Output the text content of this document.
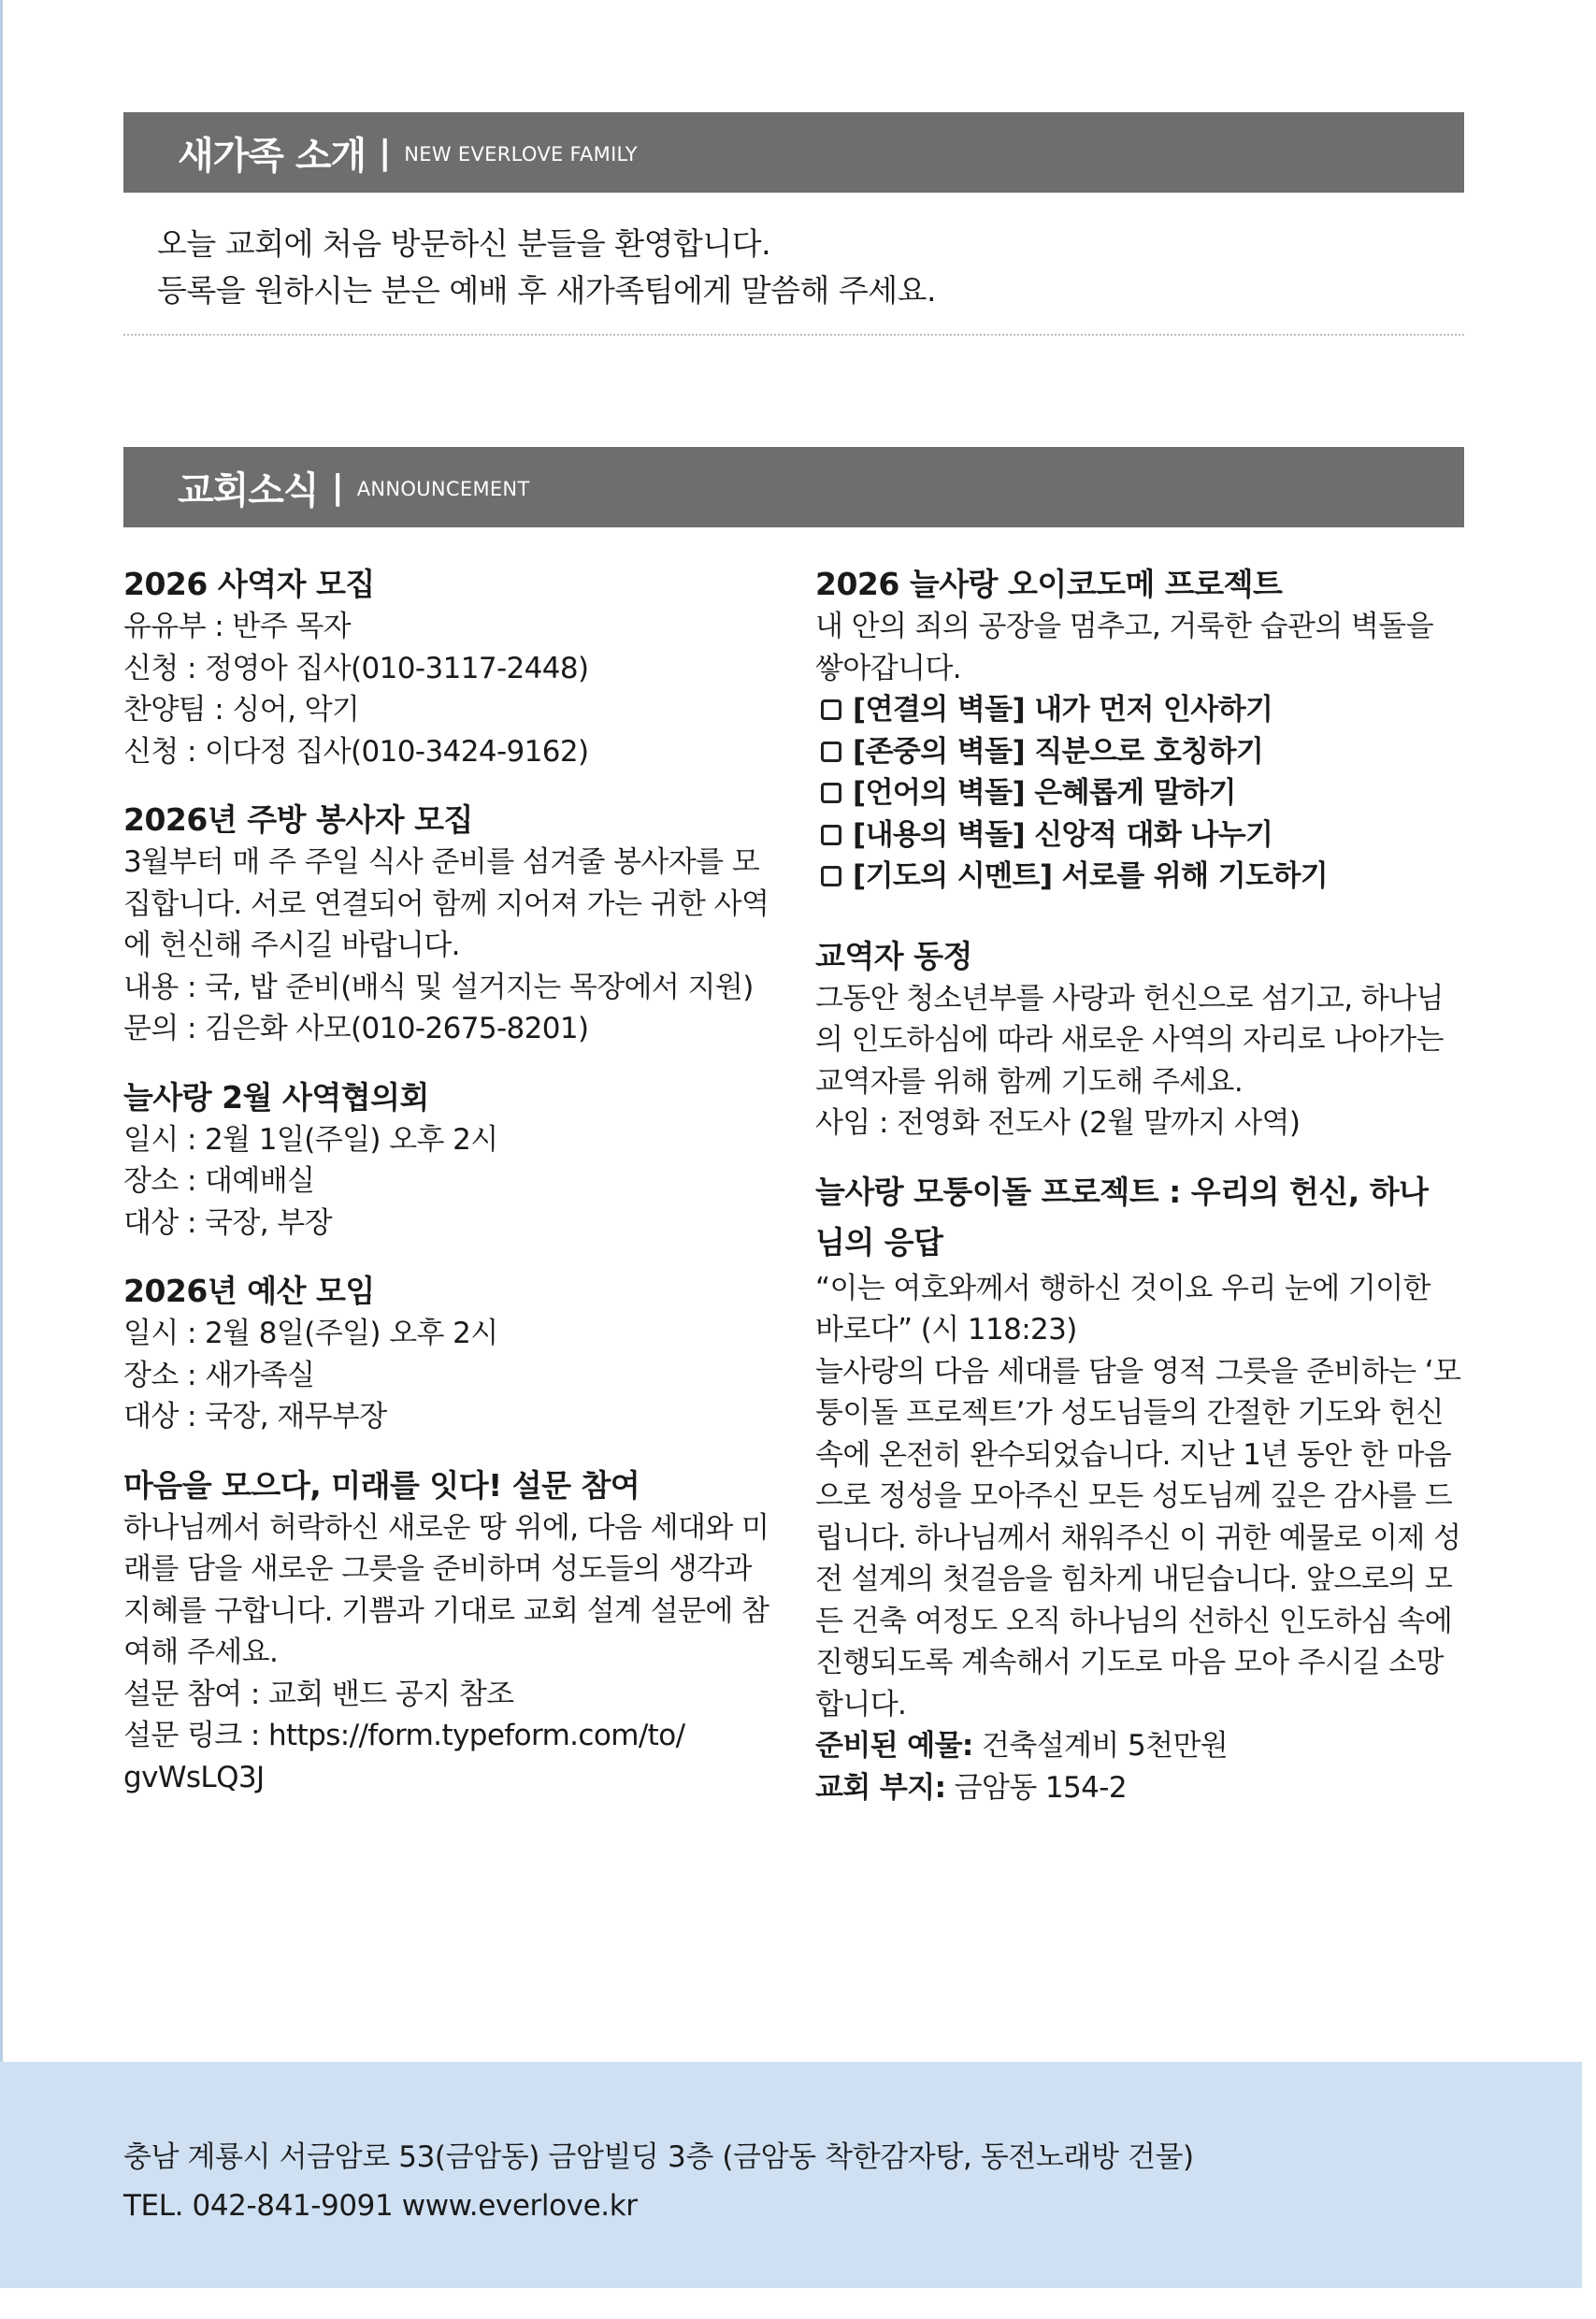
새가족 소개 | NEW EVERLOVE FAMILY
오늘 교회에 처음 방문하신 분들을 환영합니다.
등록을 원하시는 분은 예배 후 새가족팀에게 말씀해 주세요.
교회소식 | ANNOUNCEMENT
2026 사역자 모집

유유부 : 반주 목자

신청 : 정영아 집사(010-3117-2448)

찬양팀 : 싱어, 악기

신청 : 이다정 집사(010-3424-9162)

2026년 주방 봉사자 모집

3월부터 매 주 주일 식사 준비를 섬겨줄 봉사자를 모

집합니다. 서로 연결되어 함께 지어져 가는 귀한 사역

에 헌신해 주시길 바랍니다.

내용 : 국, 밥 준비(배식 및 설거지는 목장에서 지원)

문의 : 김은화 사모(010-2675-8201)

늘사랑 2월 사역협의회

일시 : 2월 1일(주일) 오후 2시

장소 : 대예배실

대상 : 국장, 부장

2026년 예산 모임

일시 : 2월 8일(주일) 오후 2시

장소 : 새가족실

대상 : 국장, 재무부장

마음을 모으다, 미래를 잇다! 설문 참여

하나님께서 허락하신 새로운 땅 위에, 다음 세대와 미

래를 담을 새로운 그릇을 준비하며 성도들의 생각과

지혜를 구합니다. 기쁨과 기대로 교회 설계 설문에 참

여해 주세요.

설문 참여 : 교회 밴드 공지 참조

설문 링크 : https://form.typeform.com/to/

gvWsLQ3J

2026 늘사랑 오이코도메 프로젝트

내 안의 죄의 공장을 멈추고, 거룩한 습관의 벽돌을

쌓아갑니다.

[연결의 벽돌] 내가 먼저 인사하기
[존중의 벽돌] 직분으로 호칭하기
[언어의 벽돌] 은혜롭게 말하기
[내용의 벽돌] 신앙적 대화 나누기
[기도의 시멘트] 서로를 위해 기도하기
교역자 동정

그동안 청소년부를 사랑과 헌신으로 섬기고, 하나님

의 인도하심에 따라 새로운 사역의 자리로 나아가는

교역자를 위해 함께 기도해 주세요.

사임 : 전영화 전도사 (2월 말까지 사역)

늘사랑 모퉁이돌 프로젝트 : 우리의 헌신, 하나
님의 응답

“이는 여호와께서 행하신 것이요 우리 눈에 기이한

바로다” (시 118:23)

늘사랑의 다음 세대를 담을 영적 그릇을 준비하는 ‘모

퉁이돌 프로젝트’가 성도님들의 간절한 기도와 헌신

속에 온전히 완수되었습니다. 지난 1년 동안 한 마음

으로 정성을 모아주신 모든 성도님께 깊은 감사를 드

립니다. 하나님께서 채워주신 이 귀한 예물로 이제 성

전 설계의 첫걸음을 힘차게 내딛습니다. 앞으로의 모

든 건축 여정도 오직 하나님의 선하신 인도하심 속에

진행되도록 계속해서 기도로 마음 모아 주시길 소망

합니다.

준비된 예물: 건축설계비 5천만원

교회 부지: 금암동 154-2

충남 계룡시 서금암로 53(금암동) 금암빌딩 3층 (금암동 착한감자탕, 동전노래방 건물)
TEL. 042-841-9091 www.everlove.kr
